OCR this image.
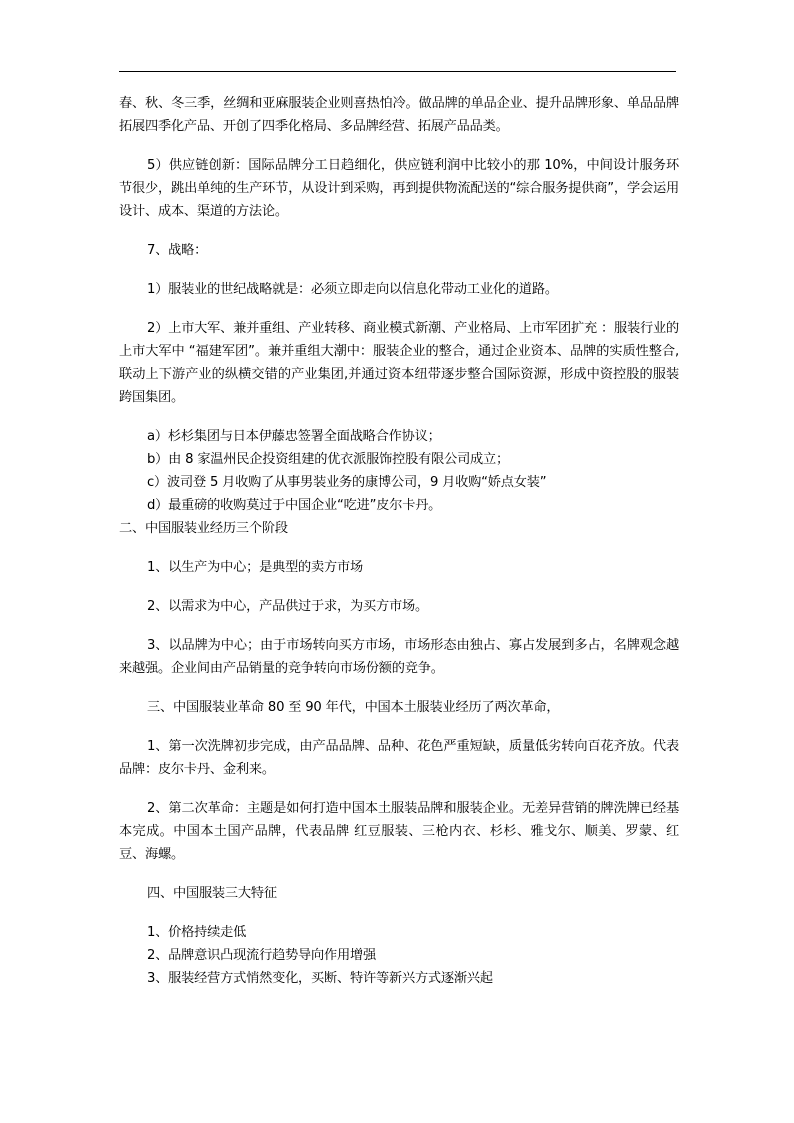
春、秋、冬三季，丝绸和亚麻服装企业则喜热怕冷。做品牌的单品企业、提升品牌形象、单品品牌拓展四季化产品、开创了四季化格局、多品牌经营、拓展产品品类。

5）供应链创新：国际品牌分工日趋细化，供应链利润中比较小的那 10%，中间设计服务环节很少，跳出单纯的生产环节，从设计到采购，再到提供物流配送的“综合服务提供商”，学会运用设计、成本、渠道的方法论。

7、战略：

1）服装业的世纪战略就是：必须立即走向以信息化带动工业化的道路。

2）上市大军、兼并重组、产业转移、商业模式新潮、产业格局、上市军团扩充 ：服装行业的上市大军中 “福建军团”。兼并重组大潮中：服装企业的整合，通过企业资本、品牌的实质性整合,联动上下游产业的纵横交错的产业集团,并通过资本纽带逐步整合国际资源，形成中资控股的服装跨国集团。

a）杉杉集团与日本伊藤忠签署全面战略合作协议；

b）由 8 家温州民企投资组建的优衣派服饰控股有限公司成立；

c）波司登 5 月收购了从事男装业务的康博公司，9 月收购“娇点女装”

d）最重磅的收购莫过于中国企业“吃进”皮尔卡丹。

二、中国服装业经历三个阶段

1、以生产为中心；是典型的卖方市场

2、以需求为中心，产品供过于求，为买方市场。

3、以品牌为中心；由于市场转向买方市场，市场形态由独占、寡占发展到多占，名牌观念越来越强。企业间由产品销量的竞争转向市场份额的竞争。

三、中国服装业革命 80 至 90 年代，中国本土服装业经历了两次革命，

1、第一次洗牌初步完成，由产品品牌、品种、花色严重短缺，质量低劣转向百花齐放。代表品牌：皮尔卡丹、金利来。

2、第二次革命：主题是如何打造中国本土服装品牌和服装企业。无差异营销的牌洗牌已经基本完成。中国本土国产品牌，代表品牌 红豆服装、三枪内衣、杉杉、雅戈尔、顺美、罗蒙、红豆、海螺。

四、中国服装三大特征

1、价格持续走低

2、品牌意识凸现流行趋势导向作用增强

3、服装经营方式悄然变化，买断、特许等新兴方式逐渐兴起
